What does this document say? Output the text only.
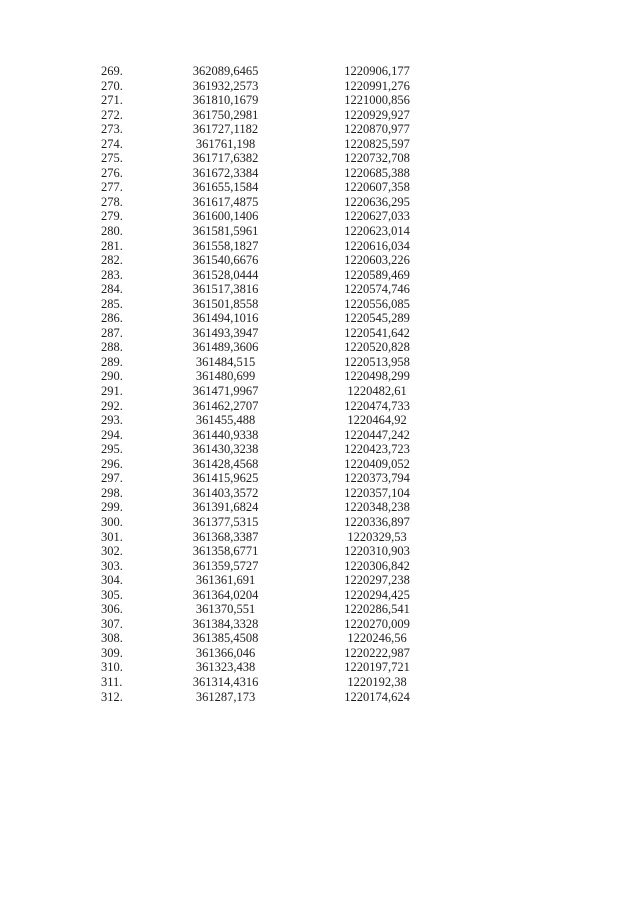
269.	362089,6465	1220906,177
270.	361932,2573	1220991,276
271.	361810,1679	1221000,856
272.	361750,2981	1220929,927
273.	361727,1182	1220870,977
274.	361761,198	1220825,597
275.	361717,6382	1220732,708
276.	361672,3384	1220685,388
277.	361655,1584	1220607,358
278.	361617,4875	1220636,295
279.	361600,1406	1220627,033
280.	361581,5961	1220623,014
281.	361558,1827	1220616,034
282.	361540,6676	1220603,226
283.	361528,0444	1220589,469
284.	361517,3816	1220574,746
285.	361501,8558	1220556,085
286.	361494,1016	1220545,289
287.	361493,3947	1220541,642
288.	361489,3606	1220520,828
289.	361484,515	1220513,958
290.	361480,699	1220498,299
291.	361471,9967	1220482,61
292.	361462,2707	1220474,733
293.	361455,488	1220464,92
294.	361440,9338	1220447,242
295.	361430,3238	1220423,723
296.	361428,4568	1220409,052
297.	361415,9625	1220373,794
298.	361403,3572	1220357,104
299.	361391,6824	1220348,238
300.	361377,5315	1220336,897
301.	361368,3387	1220329,53
302.	361358,6771	1220310,903
303.	361359,5727	1220306,842
304.	361361,691	1220297,238
305.	361364,0204	1220294,425
306.	361370,551	1220286,541
307.	361384,3328	1220270,009
308.	361385,4508	1220246,56
309.	361366,046	1220222,987
310.	361323,438	1220197,721
311.	361314,4316	1220192,38
312.	361287,173	1220174,624
